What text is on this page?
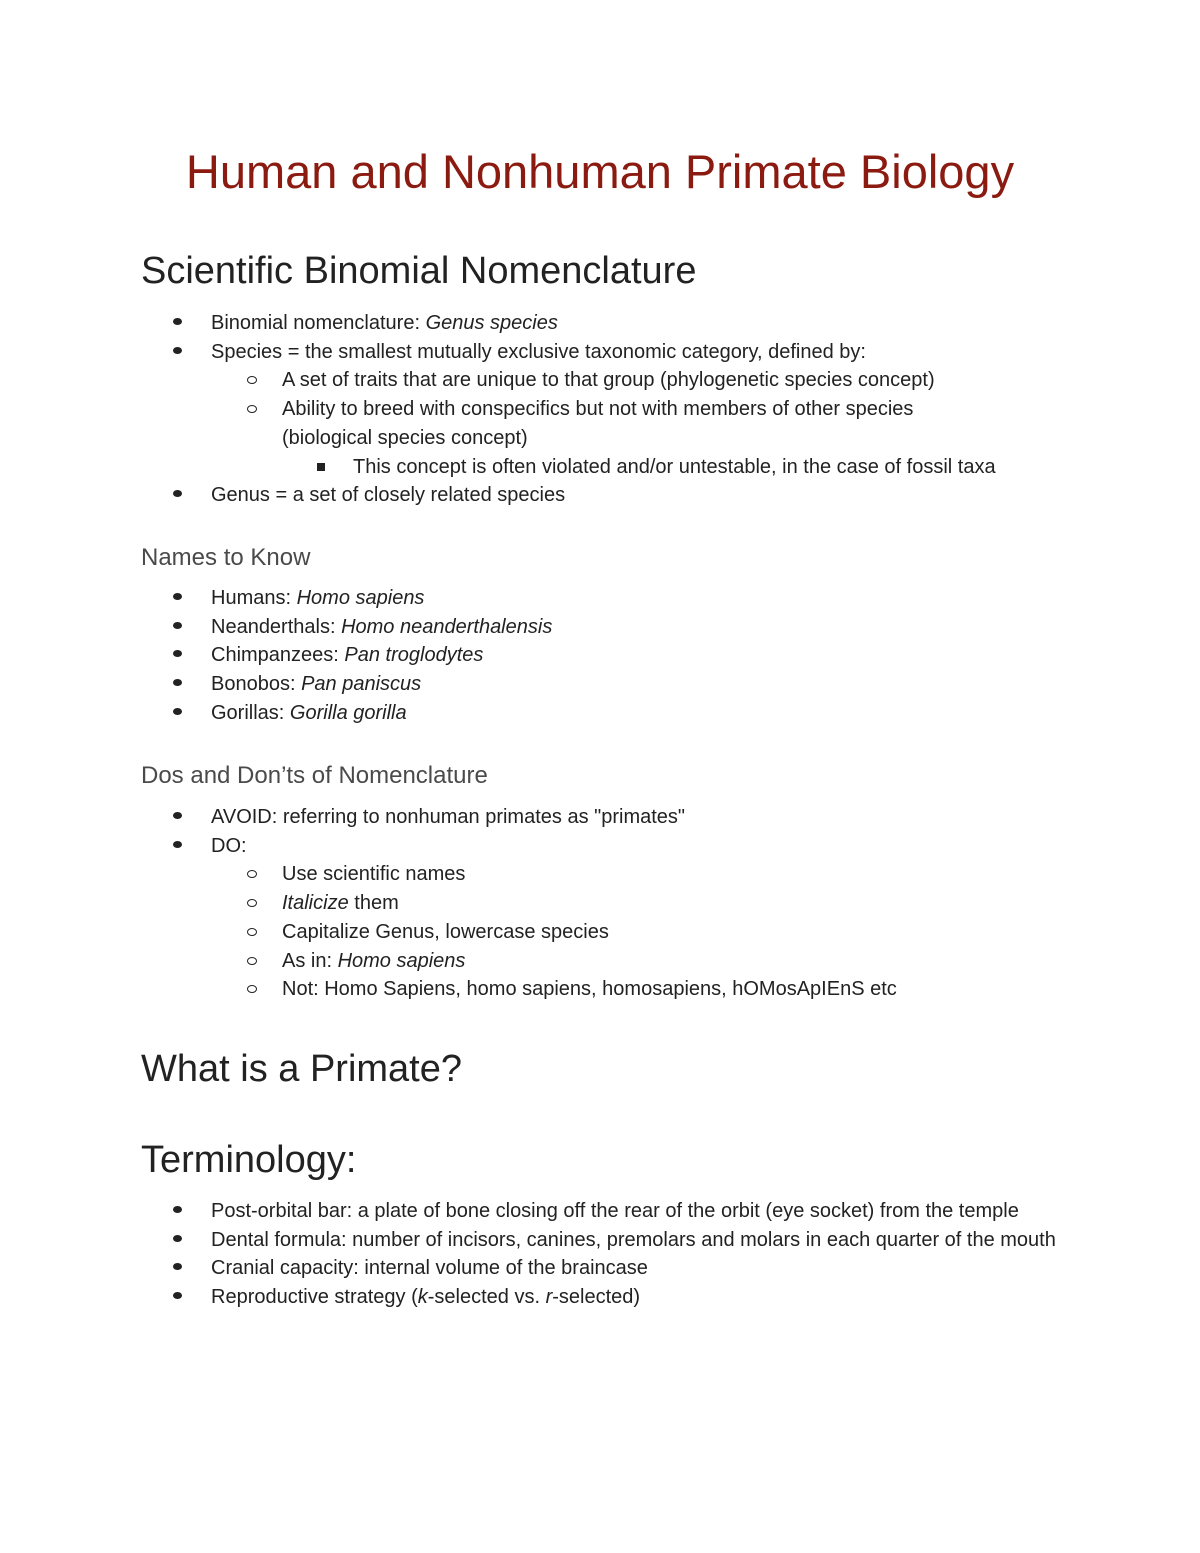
Human and Nonhuman Primate Biology
Scientific Binomial Nomenclature
Binomial nomenclature: Genus species
Species = the smallest mutually exclusive taxonomic category, defined by:
A set of traits that are unique to that group (phylogenetic species concept)
Ability to breed with conspecifics but not with members of other species (biological species concept)
This concept is often violated and/or untestable, in the case of fossil taxa
Genus = a set of closely related species
Names to Know
Humans: Homo sapiens
Neanderthals: Homo neanderthalensis
Chimpanzees: Pan troglodytes
Bonobos: Pan paniscus
Gorillas: Gorilla gorilla
Dos and Don’ts of Nomenclature
AVOID: referring to nonhuman primates as "primates"
DO:
Use scientific names
Italicize them
Capitalize Genus, lowercase species
As in: Homo sapiens
Not: Homo Sapiens, homo sapiens, homosapiens, hOMosApIEnS etc
What is a Primate?
Terminology:
Post-orbital bar: a plate of bone closing off the rear of the orbit (eye socket) from the temple
Dental formula: number of incisors, canines, premolars and molars in each quarter of the mouth
Cranial capacity: internal volume of the braincase
Reproductive strategy (k-selected vs. r-selected)
